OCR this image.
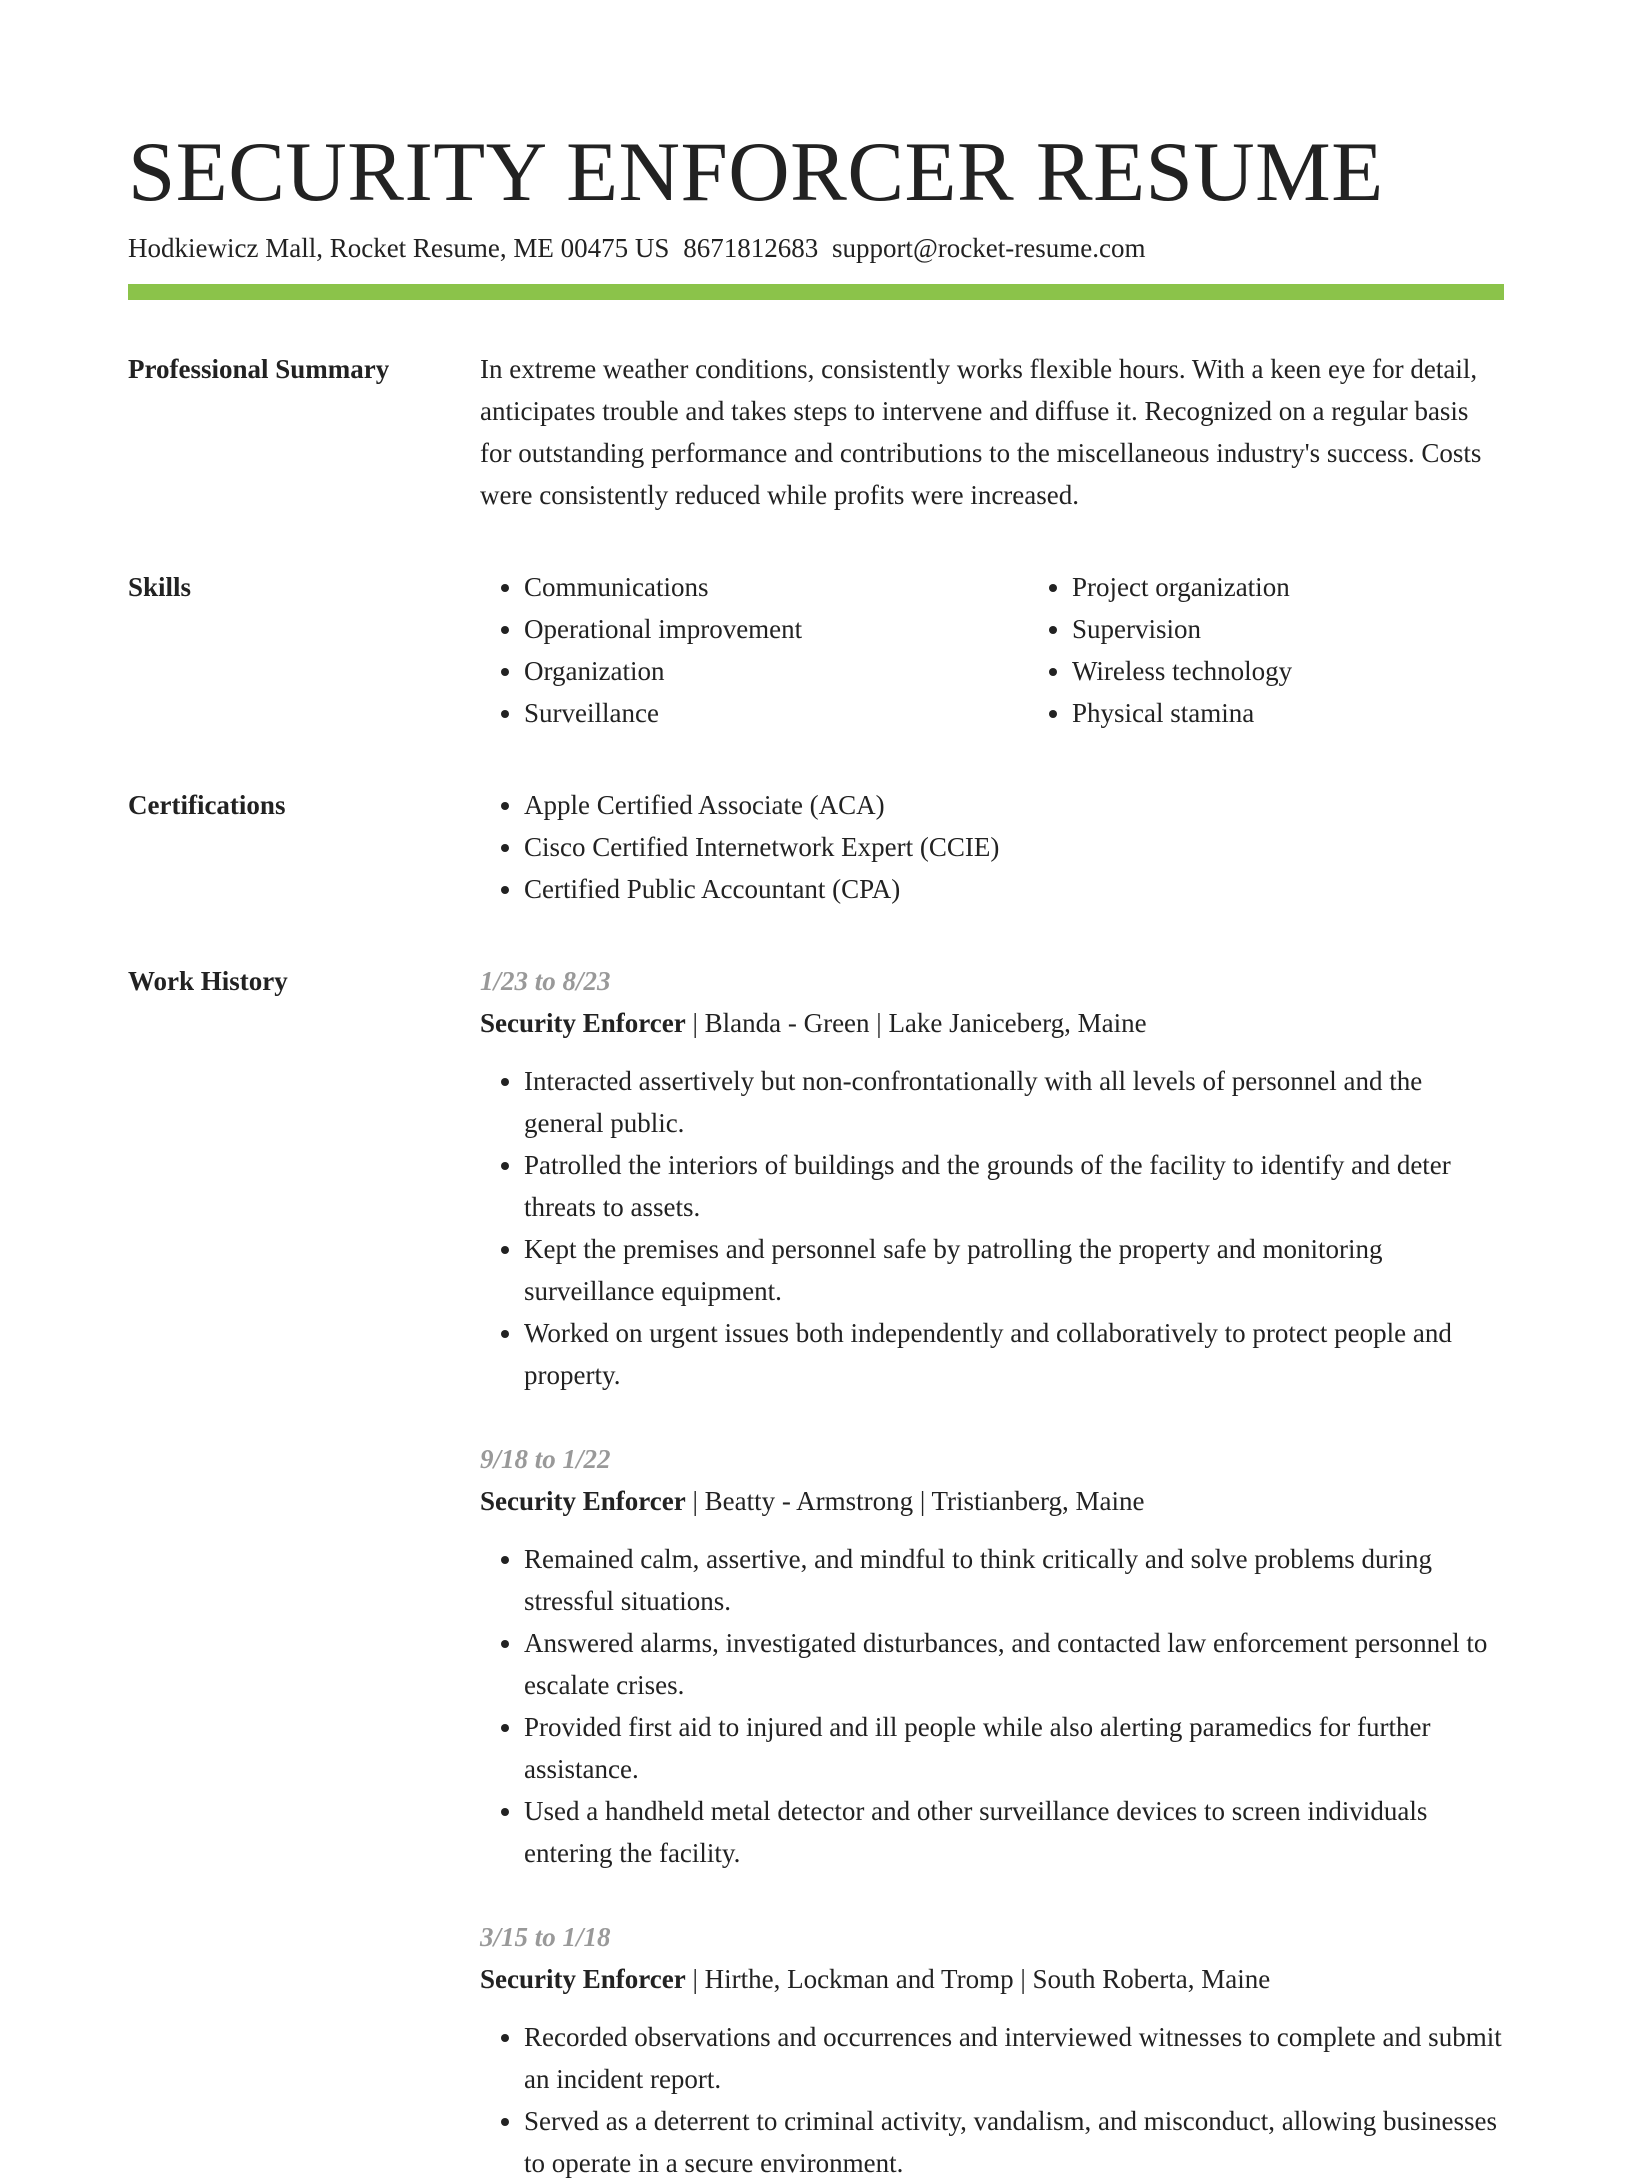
SECURITY ENFORCER RESUME
Hodkiewicz Mall, Rocket Resume, ME 00475 US 8671812683 support@rocket-resume.com
Professional Summary	In extreme weather conditions, consistently works flexible hours. With a keen eye for detail, anticipates trouble and takes steps to intervene and diffuse it. Recognized on a regular basis for outstanding performance and contributions to the miscellaneous industry's success. Costs were consistently reduced while profits were increased.
Skills	• Communications
• Operational improvement
• Organization
• Surveillance
• Project organization
• Supervision
• Wireless technology
• Physical stamina
Certifications	• Apple Certified Associate (ACA)
• Cisco Certified Internetwork Expert (CCIE)
• Certified Public Accountant (CPA)
Work History	1/23 to 8/23
Security Enforcer | Blanda - Green | Lake Janiceberg, Maine
• Interacted assertively but non-confrontationally with all levels of personnel and the general public.
• Patrolled the interiors of buildings and the grounds of the facility to identify and deter threats to assets.
• Kept the premises and personnel safe by patrolling the property and monitoring surveillance equipment.
• Worked on urgent issues both independently and collaboratively to protect people and property.
9/18 to 1/22
Security Enforcer | Beatty - Armstrong | Tristianberg, Maine
• Remained calm, assertive, and mindful to think critically and solve problems during stressful situations.
• Answered alarms, investigated disturbances, and contacted law enforcement personnel to escalate crises.
• Provided first aid to injured and ill people while also alerting paramedics for further assistance.
• Used a handheld metal detector and other surveillance devices to screen individuals entering the facility.
3/15 to 1/18
Security Enforcer | Hirthe, Lockman and Tromp | South Roberta, Maine
• Recorded observations and occurrences and interviewed witnesses to complete and submit an incident report.
• Served as a deterrent to criminal activity, vandalism, and misconduct, allowing businesses to operate in a secure environment.
